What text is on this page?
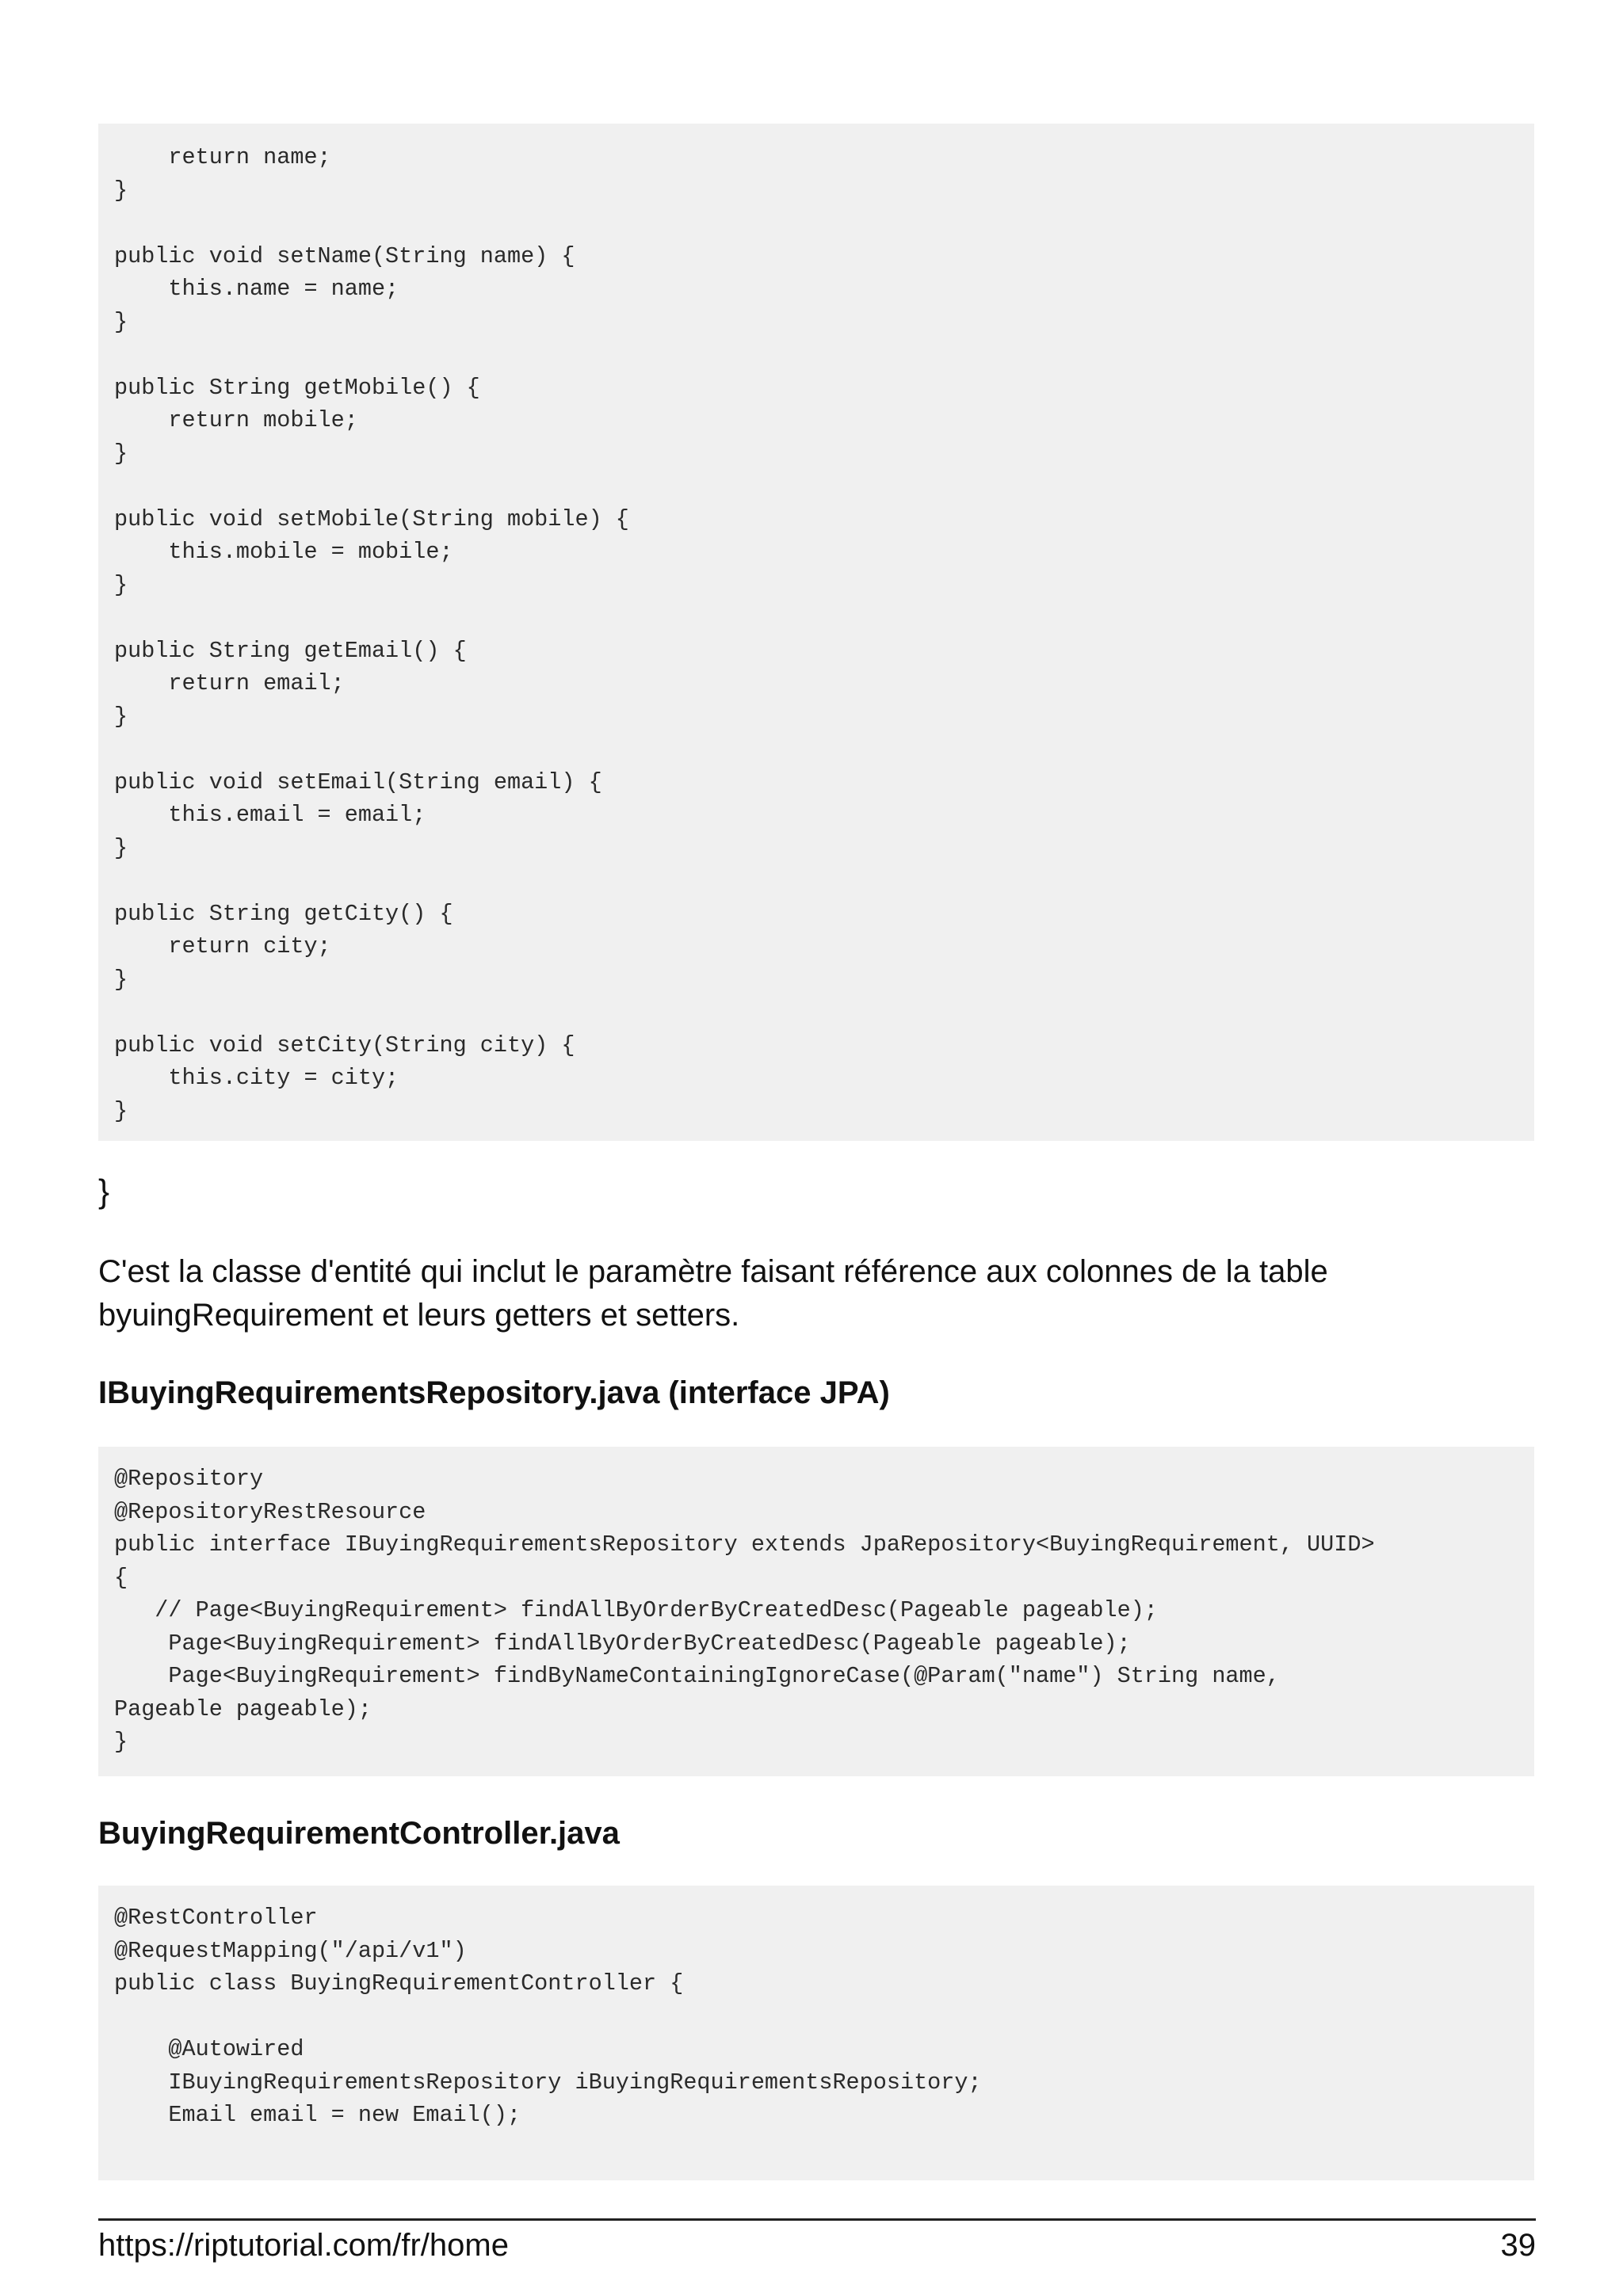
return name;
}

public void setName(String name) {
this.name = name;
}

public String getMobile() {
return mobile;
}

public void setMobile(String mobile) {
this.mobile = mobile;
}

public String getEmail() {
return email;
}

public void setEmail(String email) {
this.email = email;
}

public String getCity() {
return city;
}

public void setCity(String city) {
this.city = city;
}
}

C'est la classe d'entité qui inclut le paramètre faisant référence aux colonnes de la table byuingRequirement et leurs getters et setters.

IBuyingRequirementsRepository.java (interface JPA)
@Repository
@RepositoryRestResource
public interface IBuyingRequirementsRepository extends JpaRepository<BuyingRequirement, UUID>
{
// Page<BuyingRequirement> findAllByOrderByCreatedDesc(Pageable pageable);
Page<BuyingRequirement> findAllByOrderByCreatedDesc(Pageable pageable);
Page<BuyingRequirement> findByNameContainingIgnoreCase(@Param("name") String name,
Pageable pageable);
}
BuyingRequirementController.java
@RestController
@RequestMapping("/api/v1")
public class BuyingRequirementController {

@Autowired
IBuyingRequirementsRepository iBuyingRequirementsRepository;
Email email = new Email();
https://riptutorial.com/fr/home	39
